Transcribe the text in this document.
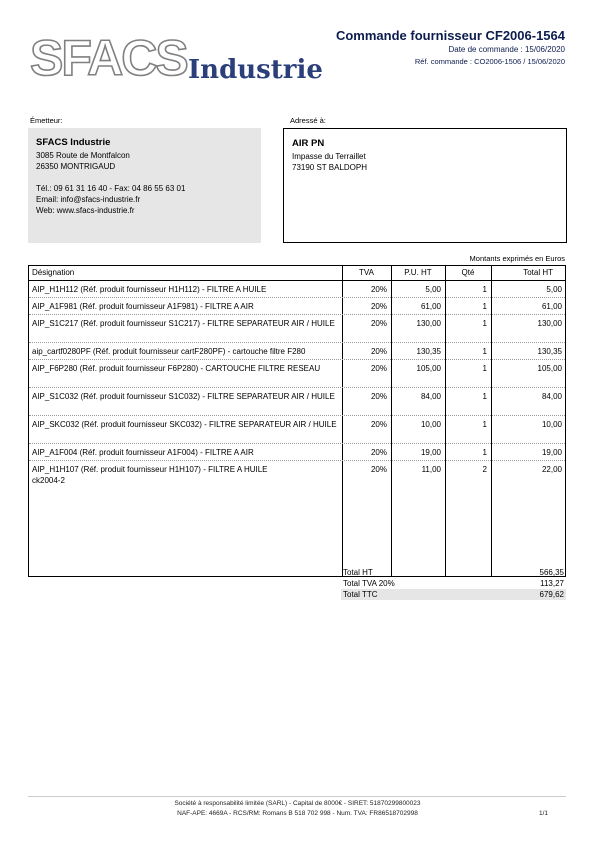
SFACS Industrie
Commande fournisseur CF2006-1564
Date de commande : 15/06/2020
Réf. commande : CO2006-1506 / 15/06/2020
Émetteur:
SFACS Industrie
3085 Route de Montfalcon
26350 MONTRIGAUD
Tél.: 09 61 31 16 40 - Fax: 04 86 55 63 01
Email: info@sfacs-industrie.fr
Web: www.sfacs-industrie.fr
Adressé à:
AIR PN
Impasse du Terraillet
73190 ST BALDOPH
Montants exprimés en Euros
Désignation	TVA	P.U. HT	Qté	Total HT
AIP_H1H112 (Réf. produit fournisseur H1H112) - FILTRE A HUILE	20%	5,00	1	5,00
AIP_A1F981 (Réf. produit fournisseur A1F981) - FILTRE A AIR	20%	61,00	1	61,00
AIP_S1C217 (Réf. produit fournisseur S1C217) - FILTRE SEPARATEUR AIR / HUILE	20%	130,00	1	130,00
aip_cartf0280PF (Réf. produit fournisseur cartF280PF) - cartouche filtre F280	20%	130,35	1	130,35
AIP_F6P280 (Réf. produit fournisseur F6P280) - CARTOUCHE FILTRE RESEAU	20%	105,00	1	105,00
AIP_S1C032 (Réf. produit fournisseur S1C032) - FILTRE SEPARATEUR AIR / HUILE	20%	84,00	1	84,00
AIP_SKC032 (Réf. produit fournisseur SKC032) - FILTRE SEPARATEUR AIR / HUILE	20%	10,00	1	10,00
AIP_A1F004 (Réf. produit fournisseur A1F004) - FILTRE A AIR	20%	19,00	1	19,00
AIP_H1H107 (Réf. produit fournisseur H1H107) - FILTRE A HUILE
ck2004-2
20%	11,00	2	22,00
Total HT	566,35
Total TVA 20%	113,27
Total TTC	679,62
Société à responsabilité limitée (SARL) - Capital de 8000€ - SIRET: 51870299800023
NAF-APE: 4669A - RCS/RM: Romans B 518 702 998 - Num. TVA: FR86518702998	1/1
